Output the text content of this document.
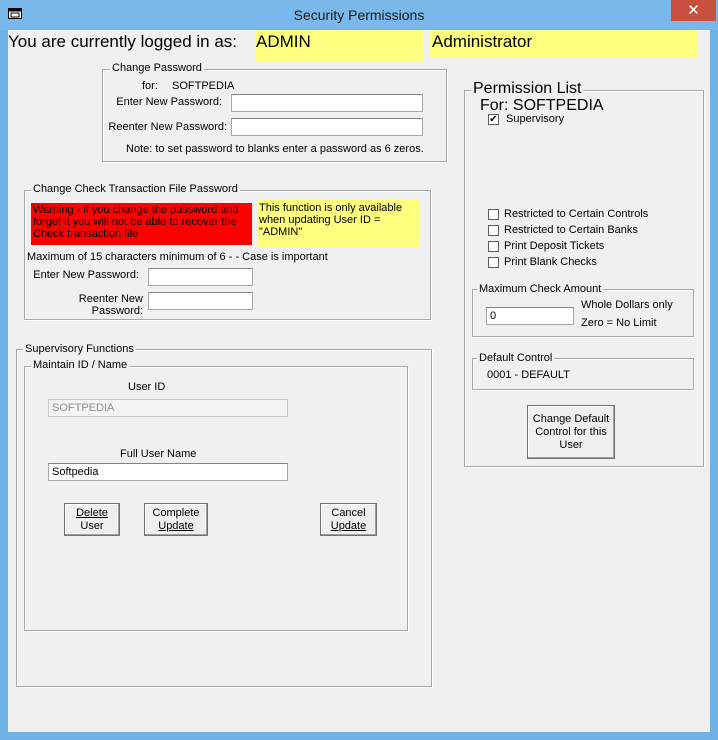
Security Permissions	✕
You are currently logged in as: ADMIN	Administrator
Change Password
for: SOFTPEDIA
Enter New Password:
Reenter New Password:
Note: to set password to blanks enter a password as 6 zeros.
Change Check Transaction File Password
Warning - if you change the password and forget it you will not be able to recover the Check transaction file
This function is only available when updating User ID = "ADMIN"
Maximum of 15 characters minimum of 6 - - Case is important
Enter New Password:
Reenter New Password:
Supervisory Functions
Maintain ID / Name
User ID
SOFTPEDIA
Full User Name
Softpedia
Delete
User
Complete
Update
Cancel
Update
Permission List
For: SOFTPEDIA
✔ Supervisory
Restricted to Certain Controls
Restricted to Certain Banks
Print Deposit Tickets
Print Blank Checks
Maximum Check Amount
0
Whole Dollars only
Zero = No Limit
Default Control
0001 - DEFAULT
Change Default
Control for this
User
